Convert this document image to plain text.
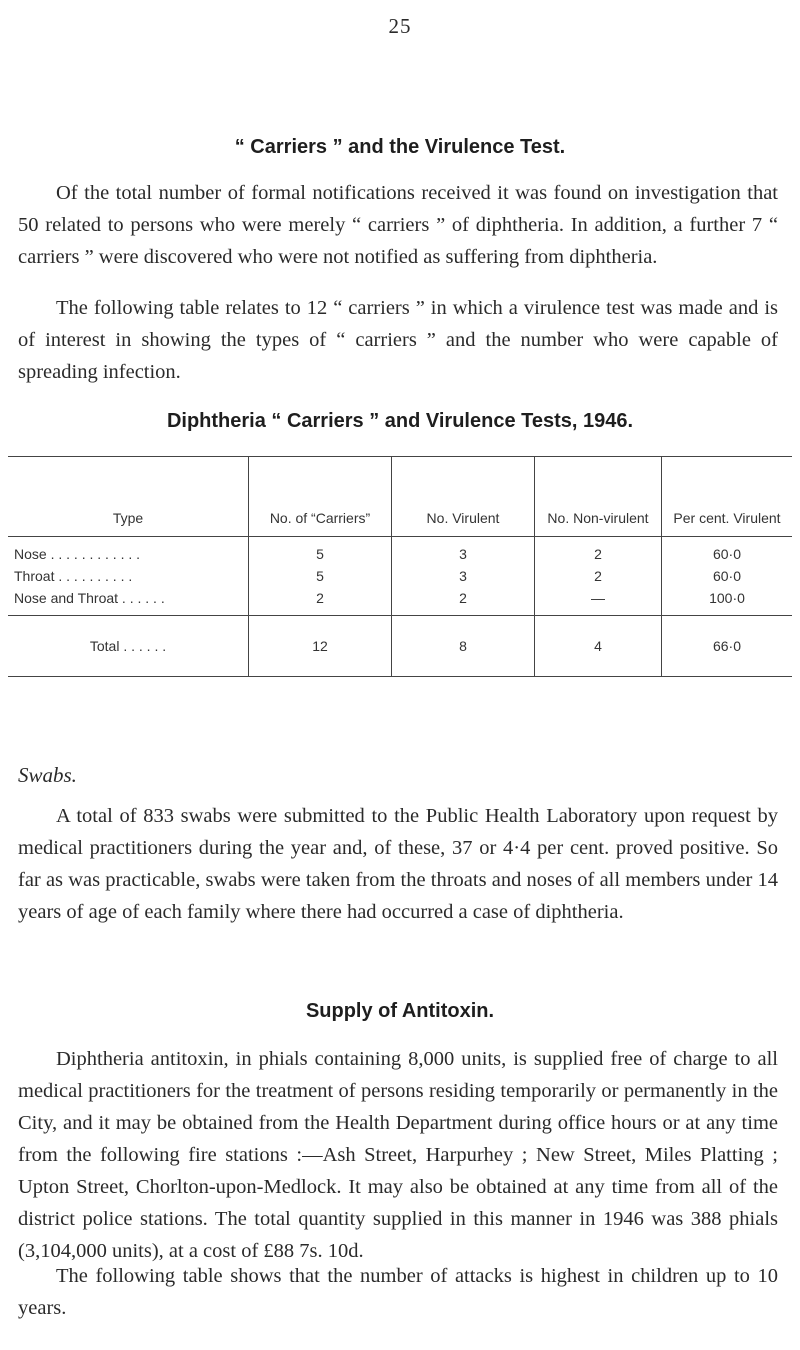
25
“ Carriers ” and the Virulence Test.

Of the total number of formal notifications received it was found on investigation that 50 related to persons who were merely “ carriers ” of diphtheria. In addition, a further 7 “ carriers ” were discovered who were not notified as suffering from diphtheria.

The following table relates to 12 “ carriers ” in which a virulence test was made and is of interest in showing the types of “ carriers ” and the number who were capable of spreading infection.

Diphtheria “ Carriers ” and Virulence Tests, 1946.
Type	No. of “Carriers”	No. Virulent	No. Non-virulent	Per cent. Virulent
Nose . . . . . . . . . . . .	5	3	2	60·0
Throat . . . . . . . . . .	5	3	2	60·0
Nose and Throat . . . . . .	2	2	—	100·0
Total . . . . . .	12	8	4	66·0
Swabs.

A total of 833 swabs were submitted to the Public Health Laboratory upon request by medical practitioners during the year and, of these, 37 or 4·4 per cent. proved positive. So far as was practicable, swabs were taken from the throats and noses of all members under 14 years of age of each family where there had occurred a case of diphtheria.

Supply of Antitoxin.

Diphtheria antitoxin, in phials containing 8,000 units, is supplied free of charge to all medical practitioners for the treatment of persons residing temporarily or permanently in the City, and it may be obtained from the Health Department during office hours or at any time from the following fire stations :—Ash Street, Harpurhey ; New Street, Miles Platting ; Upton Street, Chorlton-upon-Medlock. It may also be obtained at any time from all of the district police stations. The total quantity supplied in this manner in 1946 was 388 phials (3,104,000 units), at a cost of £88 7s. 10d.

The following table shows that the number of attacks is highest in children up to 10 years.
